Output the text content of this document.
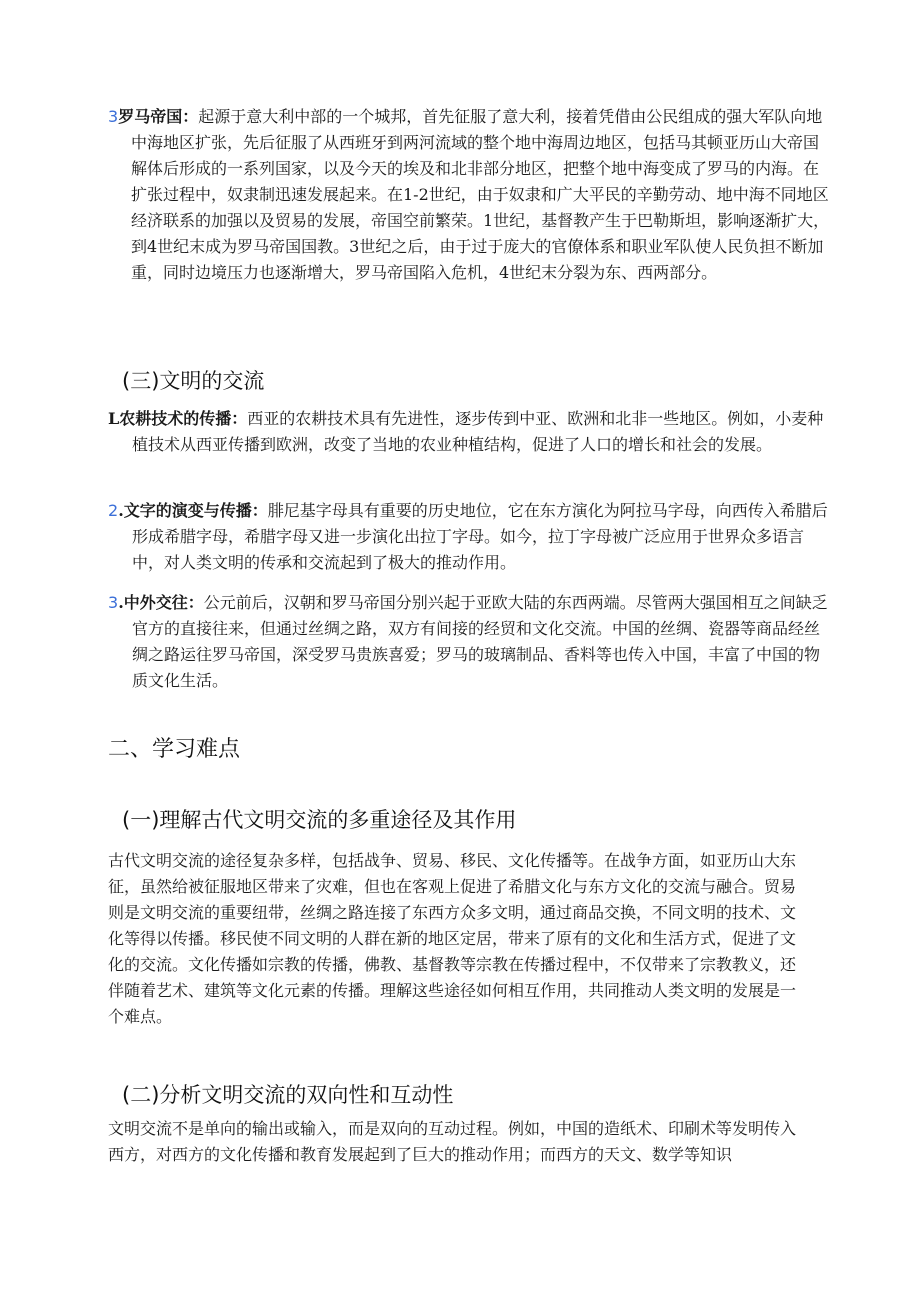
3罗马帝国：起源于意大利中部的一个城邦，首先征服了意大利，接着凭借由公民组成的强大军队向地中海地区扩张，先后征服了从西班牙到两河流域的整个地中海周边地区，包括马其顿亚历山大帝国解体后形成的一系列国家，以及今天的埃及和北非部分地区，把整个地中海变成了罗马的内海。在扩张过程中，奴隶制迅速发展起来。在1-2世纪，由于奴隶和广大平民的辛勤劳动、地中海不同地区经济联系的加强以及贸易的发展，帝国空前繁荣。1世纪，基督教产生于巴勒斯坦，影响逐渐扩大，到4世纪末成为罗马帝国国教。3世纪之后，由于过于庞大的官僚体系和职业军队使人民负担不断加重，同时边境压力也逐渐增大，罗马帝国陷入危机，4世纪末分裂为东、西两部分。

(三)文明的交流

L农耕技术的传播：西亚的农耕技术具有先进性，逐步传到中亚、欧洲和北非一些地区。例如，小麦种植技术从西亚传播到欧洲，改变了当地的农业种植结构，促进了人口的增长和社会的发展。

2.文字的演变与传播：腓尼基字母具有重要的历史地位，它在东方演化为阿拉马字母，向西传入希腊后形成希腊字母，希腊字母又进一步演化出拉丁字母。如今，拉丁字母被广泛应用于世界众多语言中，对人类文明的传承和交流起到了极大的推动作用。

3.中外交往：公元前后，汉朝和罗马帝国分别兴起于亚欧大陆的东西两端。尽管两大强国相互之间缺乏官方的直接往来，但通过丝绸之路，双方有间接的经贸和文化交流。中国的丝绸、瓷器等商品经丝绸之路运往罗马帝国，深受罗马贵族喜爱；罗马的玻璃制品、香料等也传入中国，丰富了中国的物质文化生活。

二、学习难点
(一)理解古代文明交流的多重途径及其作用

古代文明交流的途径复杂多样，包括战争、贸易、移民、文化传播等。在战争方面，如亚历山大东征，虽然给被征服地区带来了灾难，但也在客观上促进了希腊文化与东方文化的交流与融合。贸易则是文明交流的重要纽带，丝绸之路连接了东西方众多文明，通过商品交换，不同文明的技术、文化等得以传播。移民使不同文明的人群在新的地区定居，带来了原有的文化和生活方式，促进了文化的交流。文化传播如宗教的传播，佛教、基督教等宗教在传播过程中，不仅带来了宗教教义，还伴随着艺术、建筑等文化元素的传播。理解这些途径如何相互作用，共同推动人类文明的发展是一个难点。

(二)分析文明交流的双向性和互动性

文明交流不是单向的输出或输入，而是双向的互动过程。例如，中国的造纸术、印刷术等发明传入西方，对西方的文化传播和教育发展起到了巨大的推动作用；而西方的天文、数学等知识
